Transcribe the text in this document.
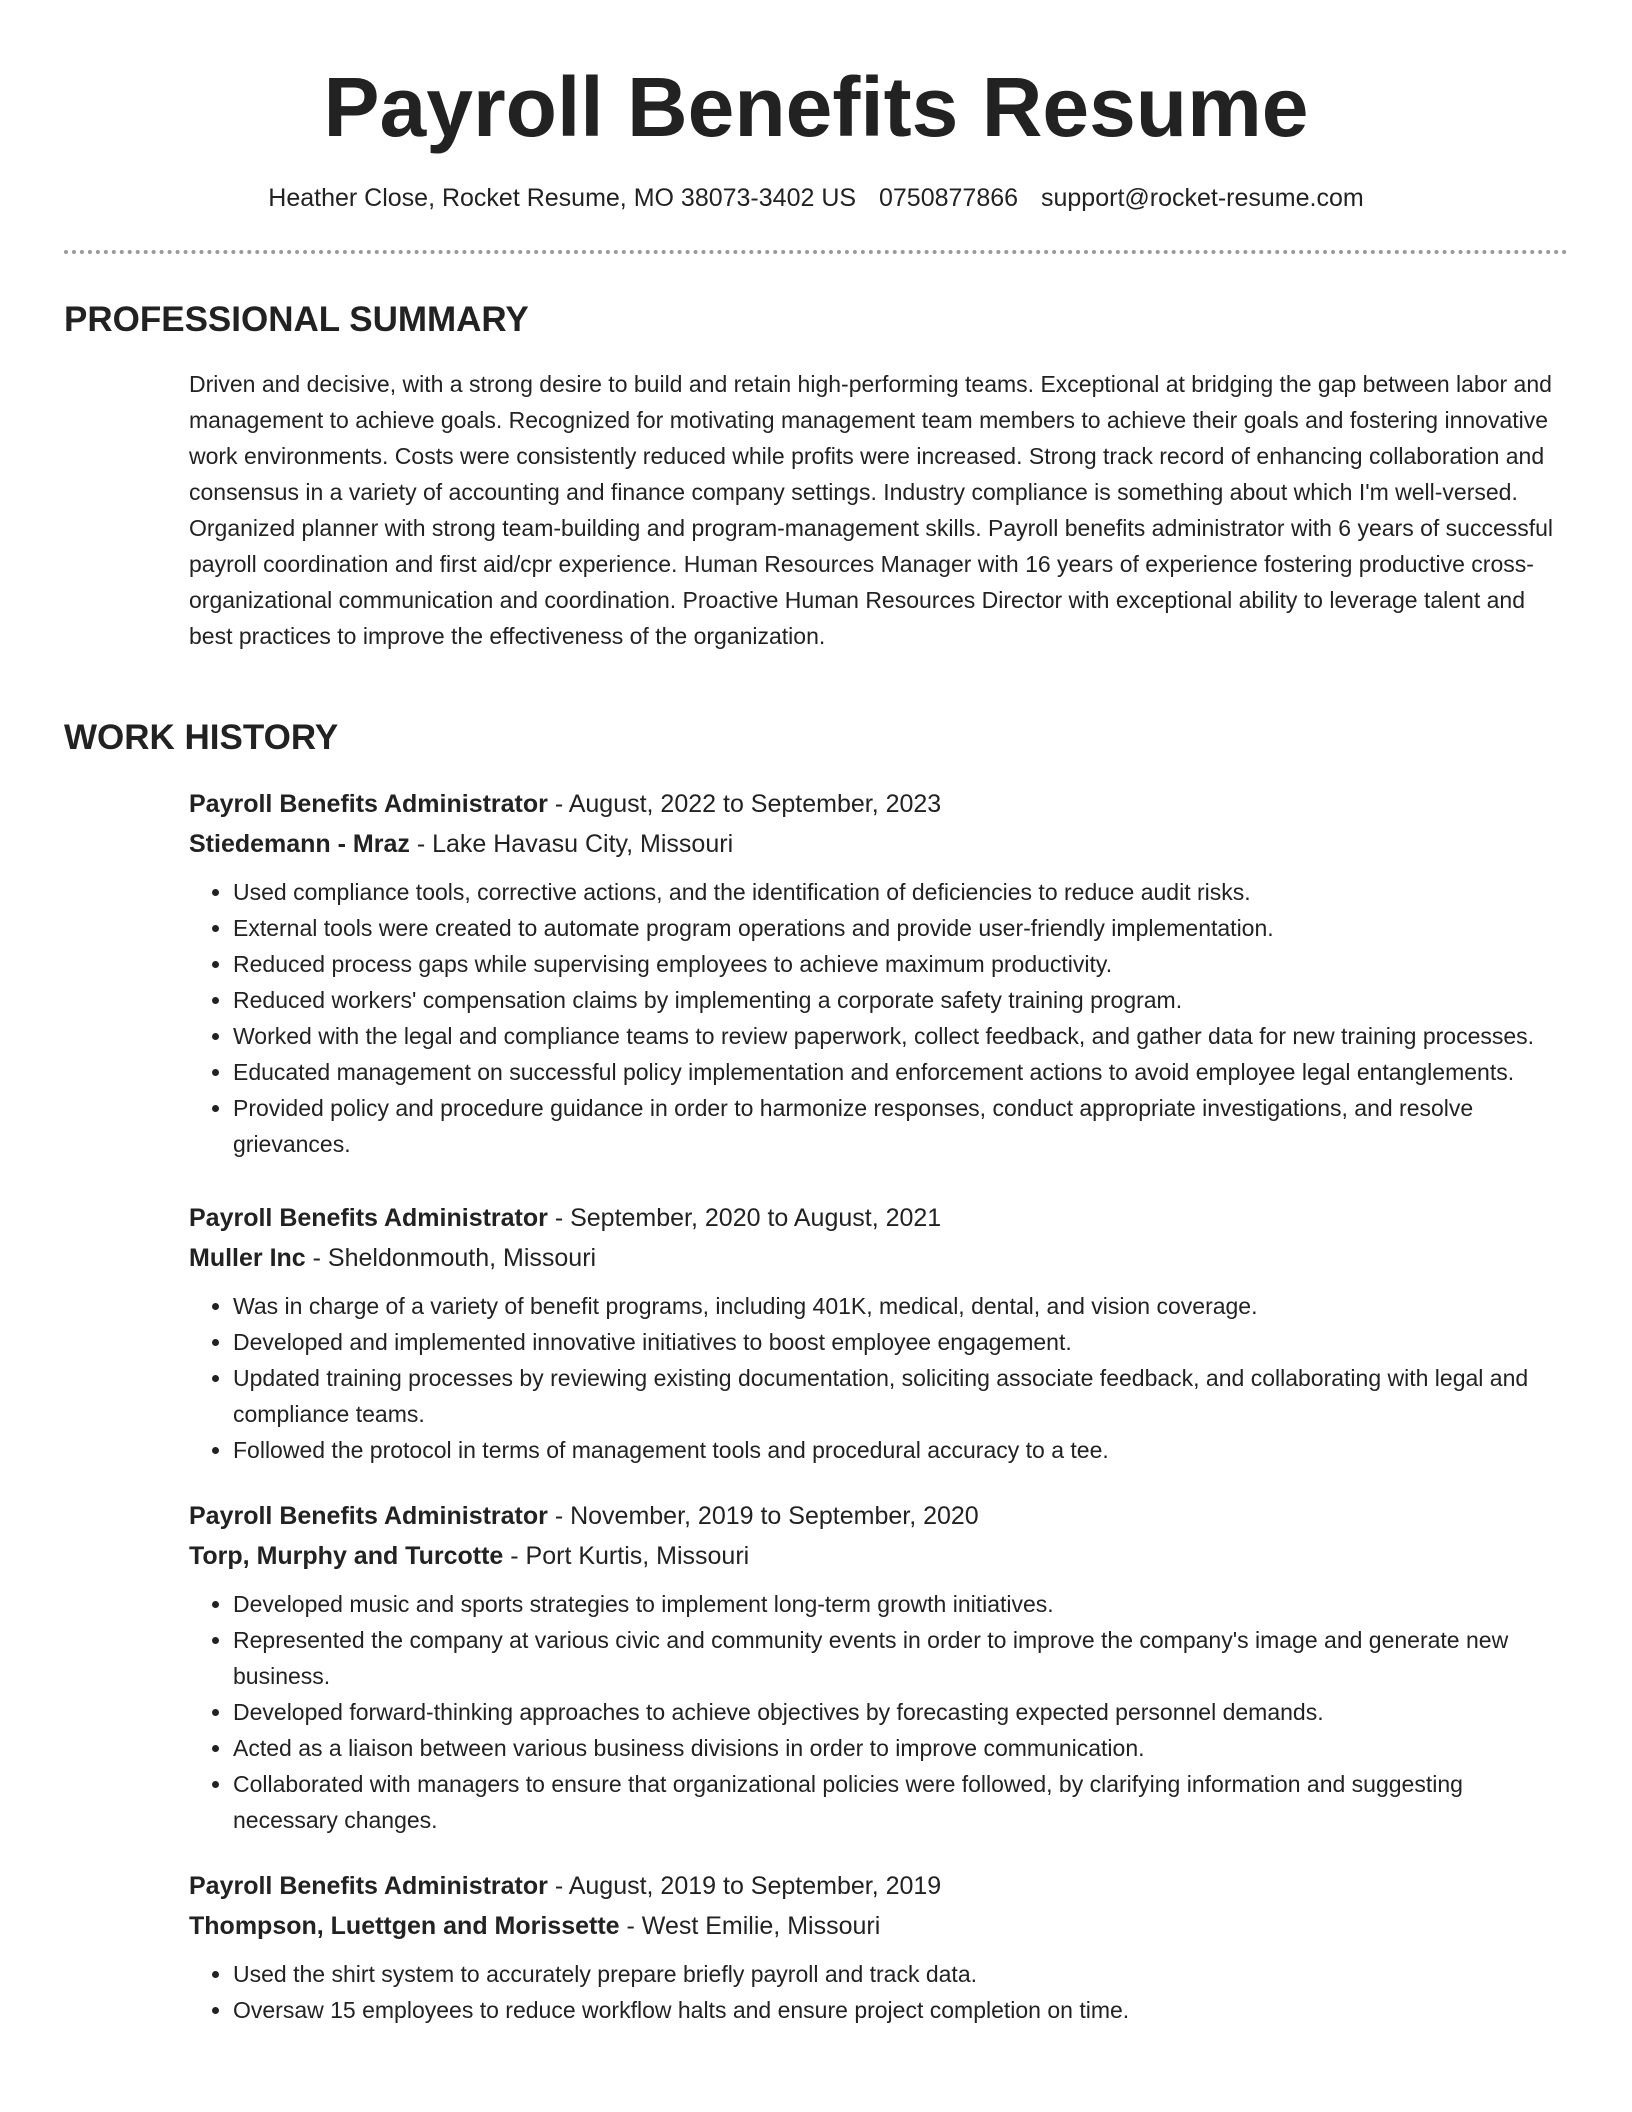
Payroll Benefits Resume
Heather Close, Rocket Resume, MO 38073-3402 US 0750877866 support@rocket-resume.com
PROFESSIONAL SUMMARY

Driven and decisive, with a strong desire to build and retain high-performing teams. Exceptional at bridging the gap between labor and management to achieve goals. Recognized for motivating management team members to achieve their goals and fostering innovative work environments. Costs were consistently reduced while profits were increased. Strong track record of enhancing collaboration and consensus in a variety of accounting and finance company settings. Industry compliance is something about which I'm well-versed. Organized planner with strong team-building and program-management skills. Payroll benefits administrator with 6 years of successful payroll coordination and first aid/cpr experience. Human Resources Manager with 16 years of experience fostering productive cross-organizational communication and coordination. Proactive Human Resources Director with exceptional ability to leverage talent and best practices to improve the effectiveness of the organization.

WORK HISTORY
Payroll Benefits Administrator - August, 2022 to September, 2023
Stiedemann - Mraz - Lake Havasu City, Missouri
• Used compliance tools, corrective actions, and the identification of deficiencies to reduce audit risks.
• External tools were created to automate program operations and provide user-friendly implementation.
• Reduced process gaps while supervising employees to achieve maximum productivity.
• Reduced workers' compensation claims by implementing a corporate safety training program.
• Worked with the legal and compliance teams to review paperwork, collect feedback, and gather data for new training processes.
• Educated management on successful policy implementation and enforcement actions to avoid employee legal entanglements.
• Provided policy and procedure guidance in order to harmonize responses, conduct appropriate investigations, and resolve grievances.
Payroll Benefits Administrator - September, 2020 to August, 2021
Muller Inc - Sheldonmouth, Missouri
• Was in charge of a variety of benefit programs, including 401K, medical, dental, and vision coverage.
• Developed and implemented innovative initiatives to boost employee engagement.
• Updated training processes by reviewing existing documentation, soliciting associate feedback, and collaborating with legal and compliance teams.
• Followed the protocol in terms of management tools and procedural accuracy to a tee.
Payroll Benefits Administrator - November, 2019 to September, 2020
Torp, Murphy and Turcotte - Port Kurtis, Missouri
• Developed music and sports strategies to implement long-term growth initiatives.
• Represented the company at various civic and community events in order to improve the company's image and generate new business.
• Developed forward-thinking approaches to achieve objectives by forecasting expected personnel demands.
• Acted as a liaison between various business divisions in order to improve communication.
• Collaborated with managers to ensure that organizational policies were followed, by clarifying information and suggesting necessary changes.
Payroll Benefits Administrator - August, 2019 to September, 2019
Thompson, Luettgen and Morissette - West Emilie, Missouri
• Used the shirt system to accurately prepare briefly payroll and track data.
• Oversaw 15 employees to reduce workflow halts and ensure project completion on time.
